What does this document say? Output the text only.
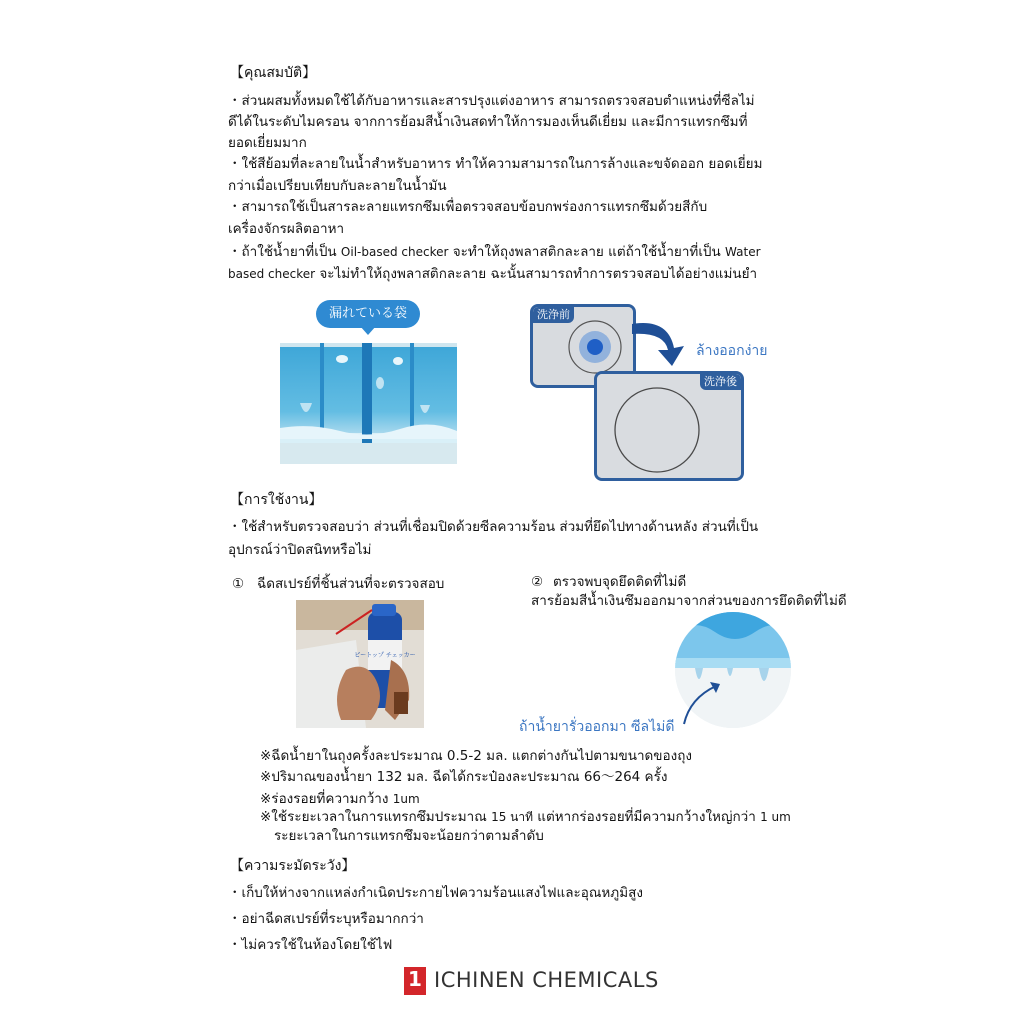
【คุณสมบัติ】
・ส่วนผสมทั้งหมดใช้ได้กับอาหารและสารปรุงแต่งอาหาร สามารถตรวจสอบตำแหน่งที่ซีลไม่
ดีได้ในระดับไมครอน จากการย้อมสีน้ำเงินสดทำให้การมองเห็นดีเยี่ยม และมีการแทรกซึมที่
ยอดเยี่ยมมาก
・ใช้สีย้อมที่ละลายในน้ำสำหรับอาหาร ทำให้ความสามารถในการล้างและขจัดออก ยอดเยี่ยม
กว่าเมื่อเปรียบเทียบกับละลายในน้ำมัน
・สามารถใช้เป็นสารละลายแทรกซึมเพื่อตรวจสอบข้อบกพร่องการแทรกซึมด้วยสีกับ
เครื่องจักรผลิตอาหา
・ถ้าใช้น้ำยาที่เป็น Oil-based checker จะทำให้ถุงพลาสติกละลาย แต่ถ้าใช้น้ำยาที่เป็น Water
based checker จะไม่ทำให้ถุงพลาสติกละลาย ฉะนั้นสามารถทำการตรวจสอบได้อย่างแม่นยำ
漏れている袋	洗浄前
ล้างออกง่าย
洗浄後
【การใช้งาน】
・ใช้สำหรับตรวจสอบว่า ส่วนที่เชื่อมปิดด้วยซีลความร้อน ส่วมที่ยึดไปทางด้านหลัง ส่วนที่เป็น
อุปกรณ์ว่าปิดสนิทหรือไม่
① ฉีดสเปรย์ที่ชิ้นส่วนที่จะตรวจสอบ	② ตรวจพบจุดยึดติดที่ไม่ดี
สารย้อมสีน้ำเงินซึมออกมาจากส่วนของการยึดติดที่ไม่ดี
ピートップ チェッカー
ถ้าน้ำยารั่วออกมา ซีลไม่ดี
※ฉีดน้ำยาในถุงครั้งละประมาณ 0.5-2 มล. แตกต่างกันไปตามขนาดของถุง
※ปริมาณของน้ำยา 132 มล. ฉีดได้กระป๋องละประมาณ 66～264 ครั้ง
※ร่องรอยที่ความกว้าง 1um
※ใช้ระยะเวลาในการแทรกซึมประมาณ 15 นาที แต่หากร่องรอยที่มีความกว้างใหญ่กว่า 1 um
ระยะเวลาในการแทรกซึมจะน้อยกว่าตามลำดับ
【ความระมัดระวัง】
・เก็บให้ห่างจากแหล่งกำเนิดประกายไฟความร้อนแสงไฟและอุณหภูมิสูง
・อย่าฉีดสเปรย์ที่ระบุหรือมากกว่า
・ไม่ควรใช้ในห้องโดยใช้ไฟ
1 ICHINEN CHEMICALS
